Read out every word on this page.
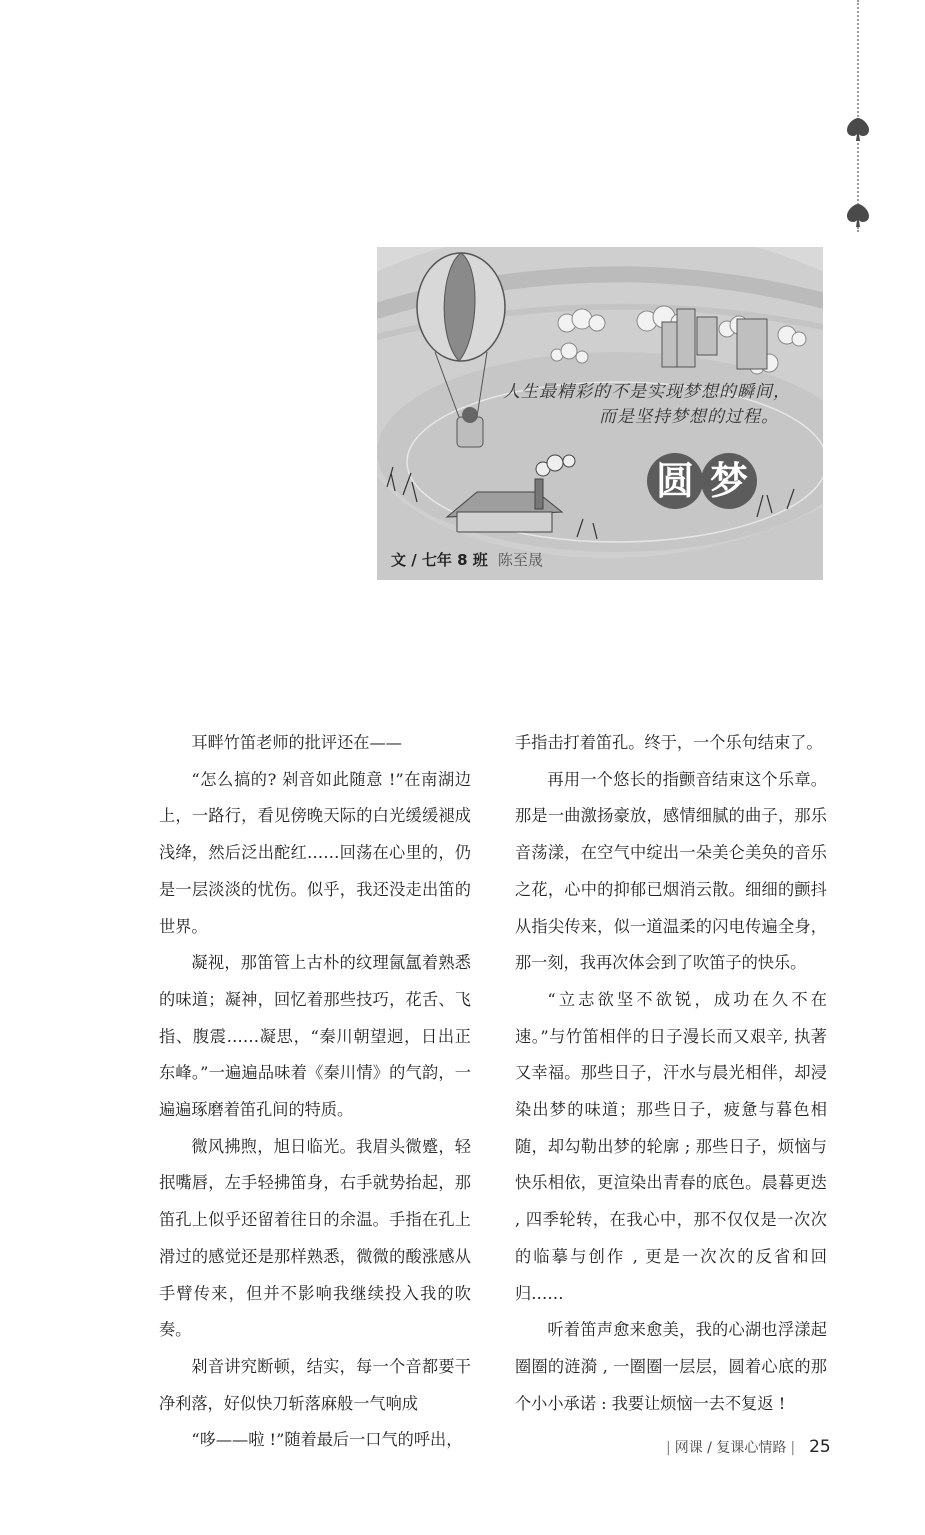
人生最精彩的不是实现梦想的瞬间，
而是坚持梦想的过程。
圆 梦
文 / 七年 8 班 陈至晟

耳畔竹笛老师的批评还在——

“怎么搞的? 剁音如此随意 !”在南湖边上，一路行，看见傍晚天际的白光缓缓褪成浅绛，然后泛出酡红……回荡在心里的，仍是一层淡淡的忧伤。似乎，我还没走出笛的世界。

凝视，那笛管上古朴的纹理氤氲着熟悉的味道；凝神，回忆着那些技巧，花舌、飞指、腹震……凝思，“秦川朝望迥，日出正东峰。”一遍遍品味着《秦川情》的气韵，一遍遍琢磨着笛孔间的特质。

微风拂煦，旭日临光。我眉头微蹙，轻抿嘴唇，左手轻拂笛身，右手就势抬起，那笛孔上似乎还留着往日的余温。手指在孔上滑过的感觉还是那样熟悉，微微的酸涨感从手臂传来，但并不影响我继续投入我的吹奏。

剁音讲究断顿，结实，每一个音都要干净利落，好似快刀斩落麻般一气响成

“哆——啦 !”随着最后一口气的呼出，

手指击打着笛孔。终于，一个乐句结束了。

再用一个悠长的指颤音结束这个乐章。那是一曲激扬豪放，感情细腻的曲子，那乐音荡漾，在空气中绽出一朵美仑美奂的音乐之花，心中的抑郁已烟消云散。细细的颤抖从指尖传来，似一道温柔的闪电传遍全身，那一刻，我再次体会到了吹笛子的快乐。

“立志欲坚不欲锐，成功在久不在速。”与竹笛相伴的日子漫长而又艰辛, 执著又幸福。那些日子，汗水与晨光相伴，却浸染出梦的味道；那些日子，疲惫与暮色相随，却勾勒出梦的轮廓 ; 那些日子，烦恼与快乐相依，更渲染出青春的底色。晨暮更迭 , 四季轮转，在我心中，那不仅仅是一次次的临摹与创作 , 更是一次次的反省和回归……

听着笛声愈来愈美，我的心湖也浮漾起圈圈的涟漪 , 一圈圈一层层，圆着心底的那个小小承诺 : 我要让烦恼一去不复返 !

| 网课 / 复课心情路 | 25
